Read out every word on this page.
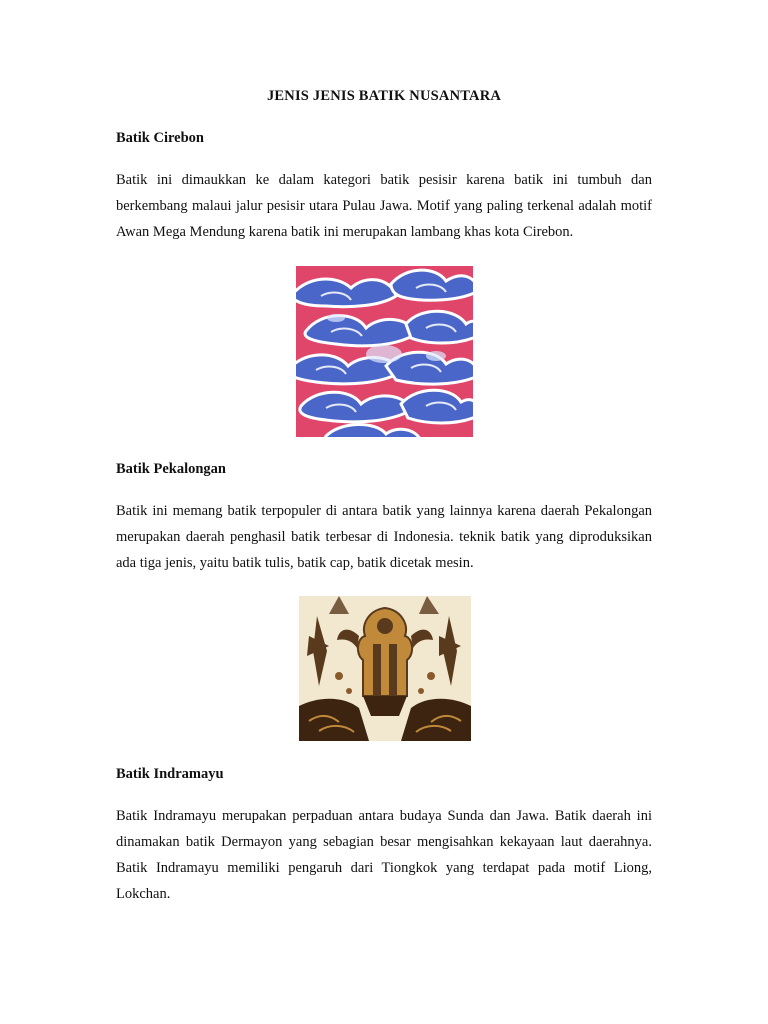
JENIS JENIS BATIK NUSANTARA
Batik Cirebon

Batik ini dimaukkan ke dalam kategori batik pesisir karena batik ini tumbuh dan berkembang malaui jalur pesisir utara Pulau Jawa. Motif yang paling terkenal adalah motif Awan Mega Mendung karena batik ini merupakan lambang khas kota Cirebon.

Batik Pekalongan

Batik ini memang batik terpopuler di antara batik yang lainnya karena daerah Pekalongan merupakan daerah penghasil batik terbesar di Indonesia. teknik batik yang diproduksikan ada tiga jenis, yaitu batik tulis, batik cap, batik dicetak mesin.

Batik Indramayu

Batik Indramayu merupakan perpaduan antara budaya Sunda dan Jawa. Batik daerah ini dinamakan batik Dermayon yang sebagian besar mengisahkan kekayaan laut daerahnya. Batik Indramayu memiliki pengaruh dari Tiongkok yang terdapat pada motif Liong, Lokchan.
